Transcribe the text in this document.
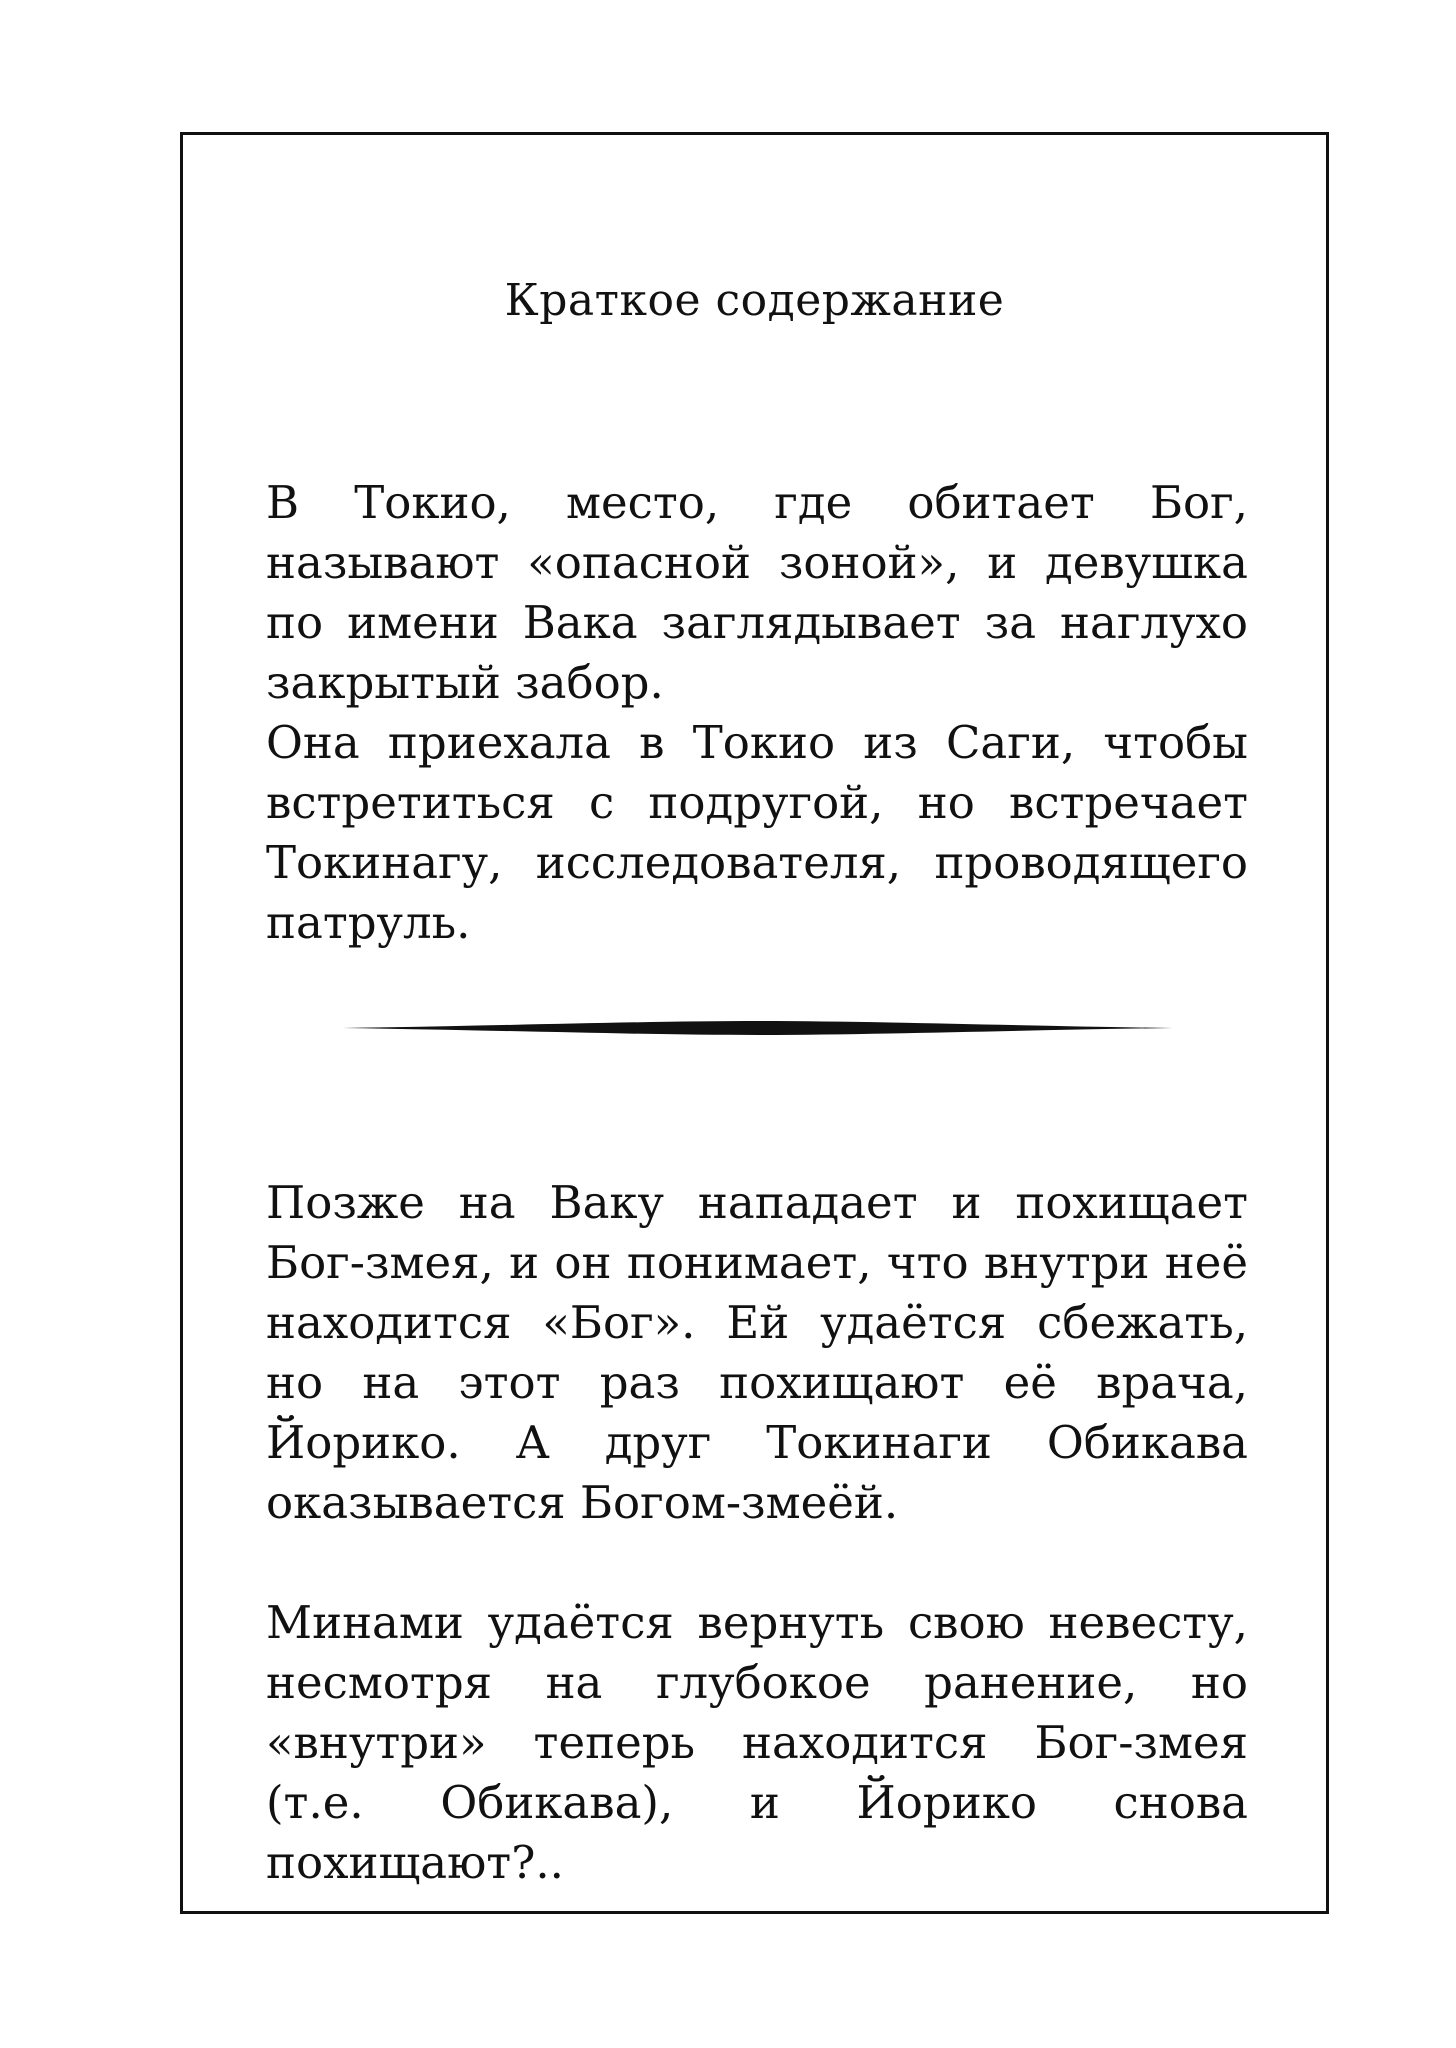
Краткое содержание

В Токио, место, где обитает Бог, называют «опасной зоной», и девушка по имени Вака заглядывает за наглухо закрытый забор.

Она приехала в Токио из Саги, чтобы встретиться с подругой, но встречает Токинагу, исследователя, проводящего патруль.

Позже на Ваку нападает и похищает Бог-змея, и он понимает, что внутри неё находится «Бог». Ей удаётся сбежать, но на этот раз похищают её врача, Йорико. А друг Токинаги Обикава оказывается Богом-змеёй.

Минами удаётся вернуть свою невесту, несмотря на глубокое ранение, но «внутри» теперь находится Бог-змея (т.е. Обикава), и Йорико снова похищают?..
